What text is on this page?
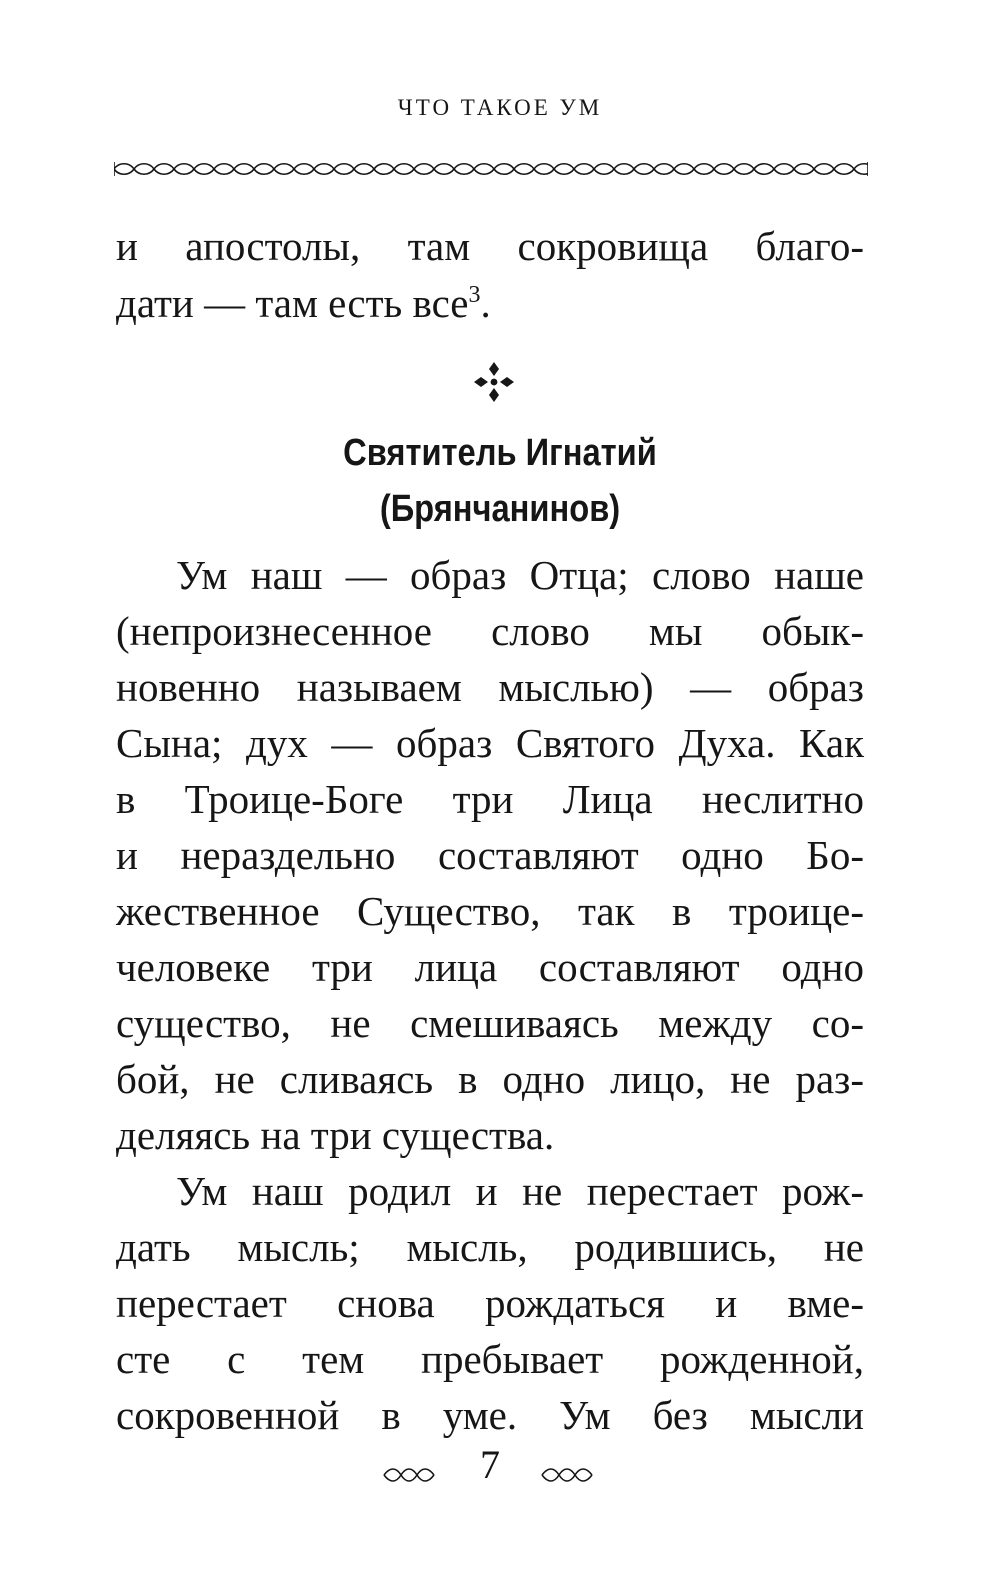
ЧТО ТАКОЕ УМ
и апостолы, там сокровища благо-
дати — там есть все$^3$.
Святитель Игнатий
(Брянчанинов)
Ум наш — образ Отца; слово наше
(непроизнесенное слово мы обык-
новенно называем мыслью) — образ
Сына; дух — образ Святого Духа. Как
в Троице-Боге три Лица неслитно
и нераздельно составляют одно Бо-
жественное Существо, так в троице-
человеке три лица составляют одно
существо, не смешиваясь между со-
бой, не сливаясь в одно лицо, не раз-
деляясь на три существа.
Ум наш родил и не перестает рож-
дать мысль; мысль, родившись, не
перестает снова рождаться и вме-
сте с тем пребывает рожденной,
сокровенной в уме. Ум без мысли
7
